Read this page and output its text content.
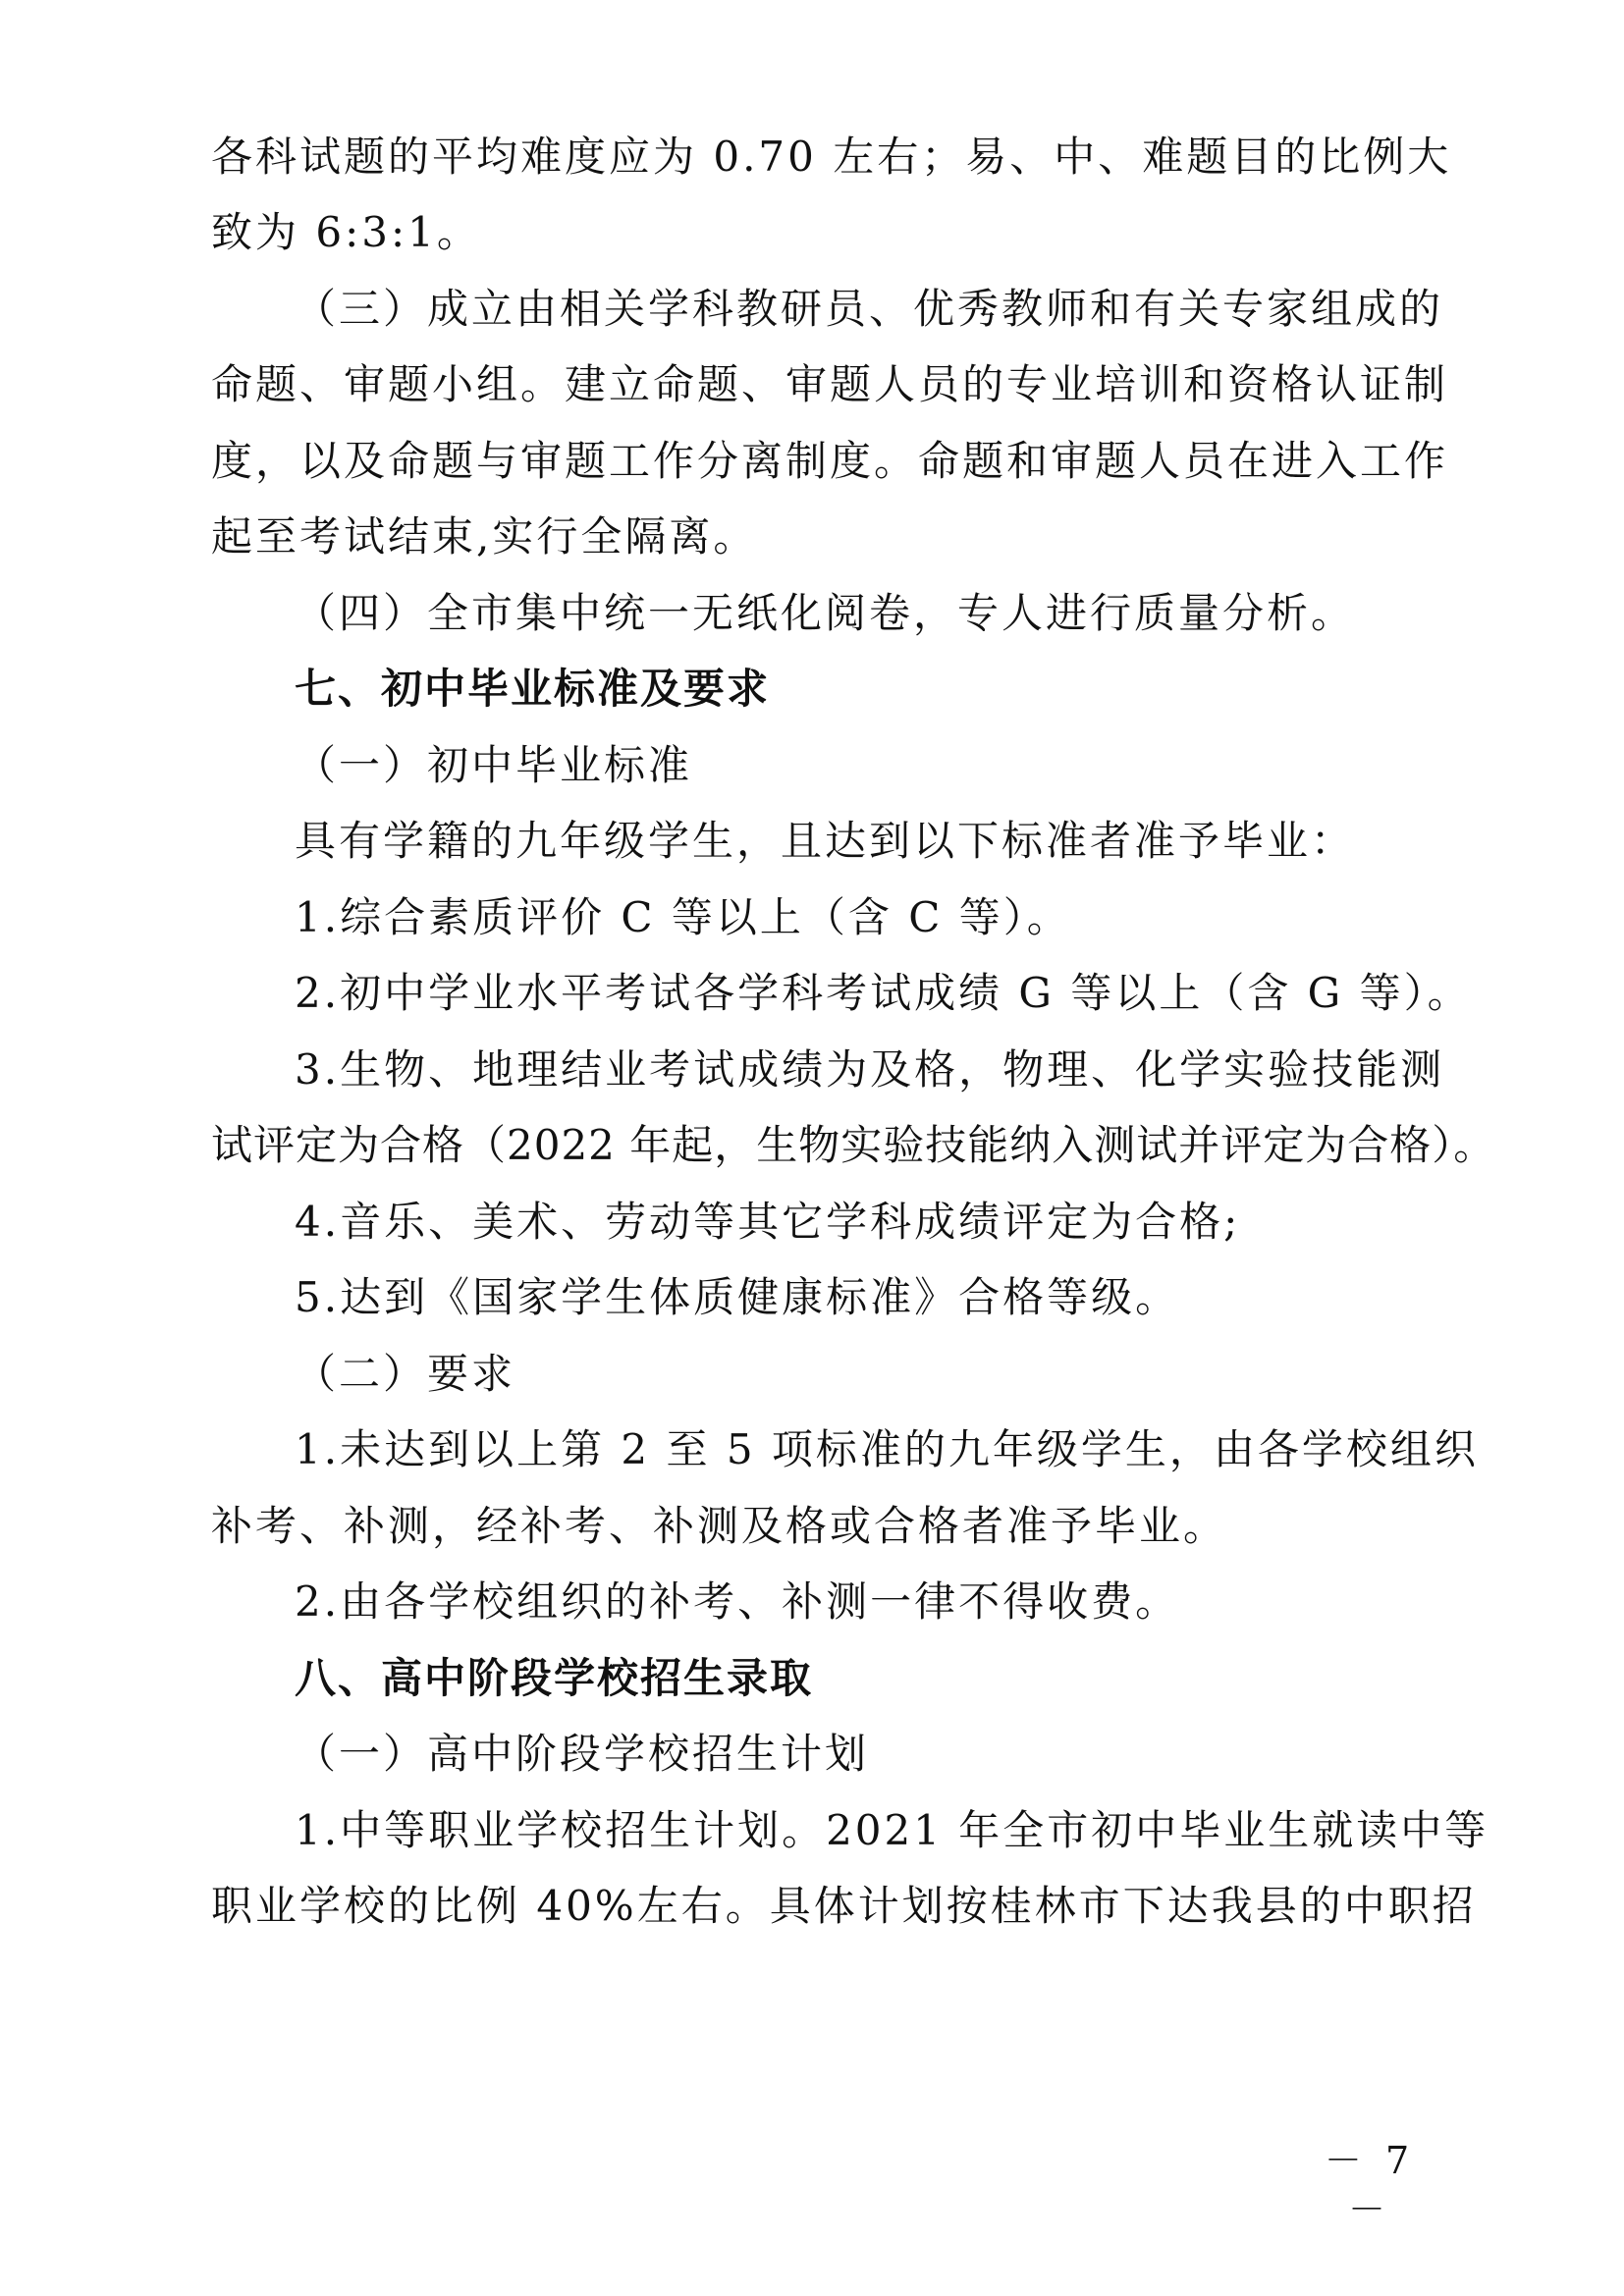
各科试题的平均难度应为 0.70 左右；易、中、难题目的比例大
致为 6:3:1。
（三）成立由相关学科教研员、优秀教师和有关专家组成的
命题、审题小组。建立命题、审题人员的专业培训和资格认证制
度，以及命题与审题工作分离制度。命题和审题人员在进入工作
起至考试结束,实行全隔离。
（四）全市集中统一无纸化阅卷，专人进行质量分析。
七、初中毕业标准及要求
（一）初中毕业标准
具有学籍的九年级学生，且达到以下标准者准予毕业：
1.综合素质评价 C 等以上（含 C 等）。
2.初中学业水平考试各学科考试成绩 G 等以上（含 G 等）。
3.生物、地理结业考试成绩为及格，物理、化学实验技能测
试评定为合格（2022 年起，生物实验技能纳入测试并评定为合格）。
4.音乐、美术、劳动等其它学科成绩评定为合格;
5.达到《国家学生体质健康标准》合格等级。
（二）要求
1.未达到以上第 2 至 5 项标准的九年级学生，由各学校组织
补考、补测，经补考、补测及格或合格者准予毕业。
2.由各学校组织的补考、补测一律不得收费。
八、高中阶段学校招生录取
（一）高中阶段学校招生计划
1.中等职业学校招生计划。2021 年全市初中毕业生就读中等
职业学校的比例 40%左右。具体计划按桂林市下达我县的中职招
－ 7 －
